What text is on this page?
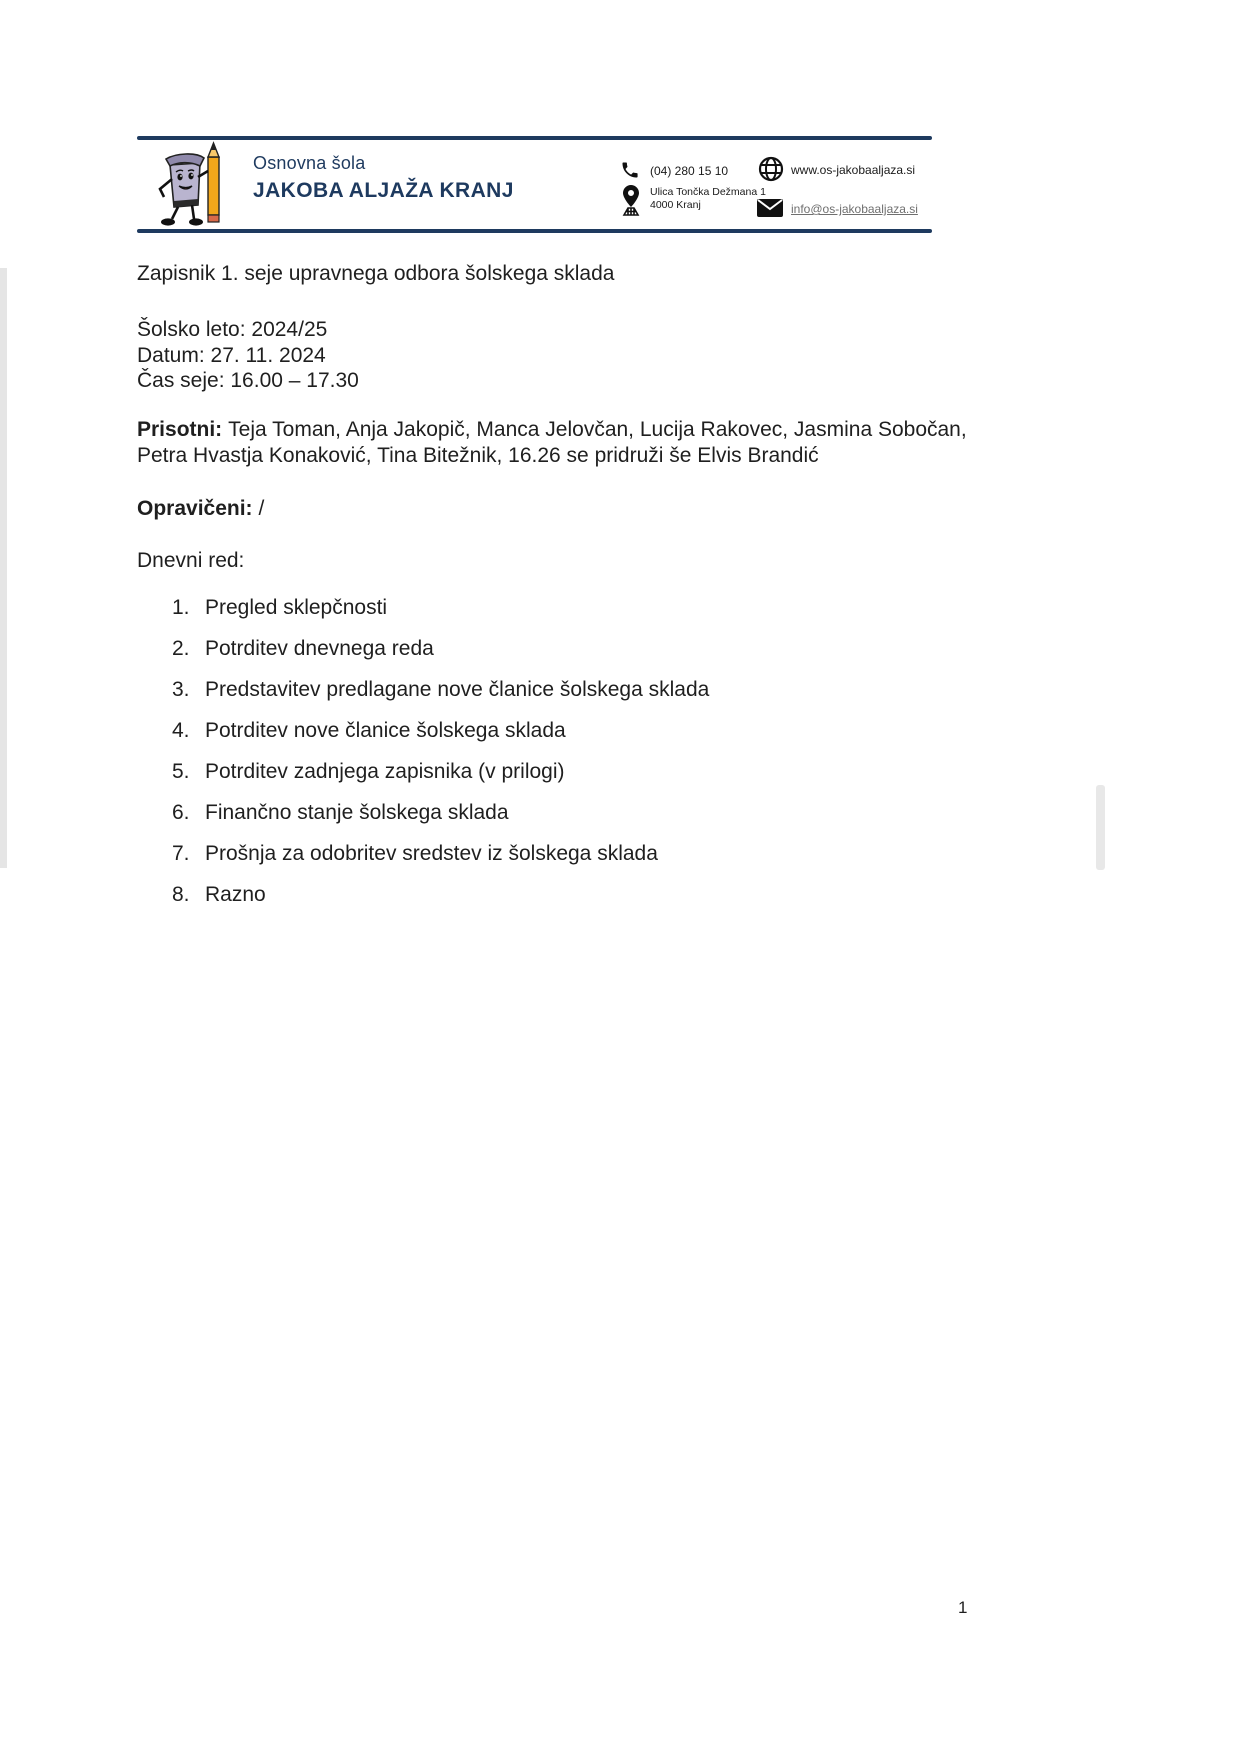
Osnovna šola
JAKOBA ALJAŽA KRANJ
(04) 280 15 10
Ulica Tončka Dežmana 1
4000 Kranj
www.os-jakobaaljaza.si
info@os-jakobaaljaza.si
Zapisnik 1. seje upravnega odbora šolskega sklada
Šolsko leto: 2024/25
Datum: 27. 11. 2024
Čas seje: 16.00 – 17.30
Prisotni: Teja Toman, Anja Jakopič, Manca Jelovčan, Lucija Rakovec, Jasmina Sobočan, Petra Hvastja Konaković, Tina Bitežnik, 16.26 se pridruži še Elvis Brandić
Opravičeni: /
Dnevni red:
1. Pregled sklepčnosti
2. Potrditev dnevnega reda
3. Predstavitev predlagane nove članice šolskega sklada
4. Potrditev nove članice šolskega sklada
5. Potrditev zadnjega zapisnika (v prilogi)
6. Finančno stanje šolskega sklada
7. Prošnja za odobritev sredstev iz šolskega sklada
8. Razno
1
